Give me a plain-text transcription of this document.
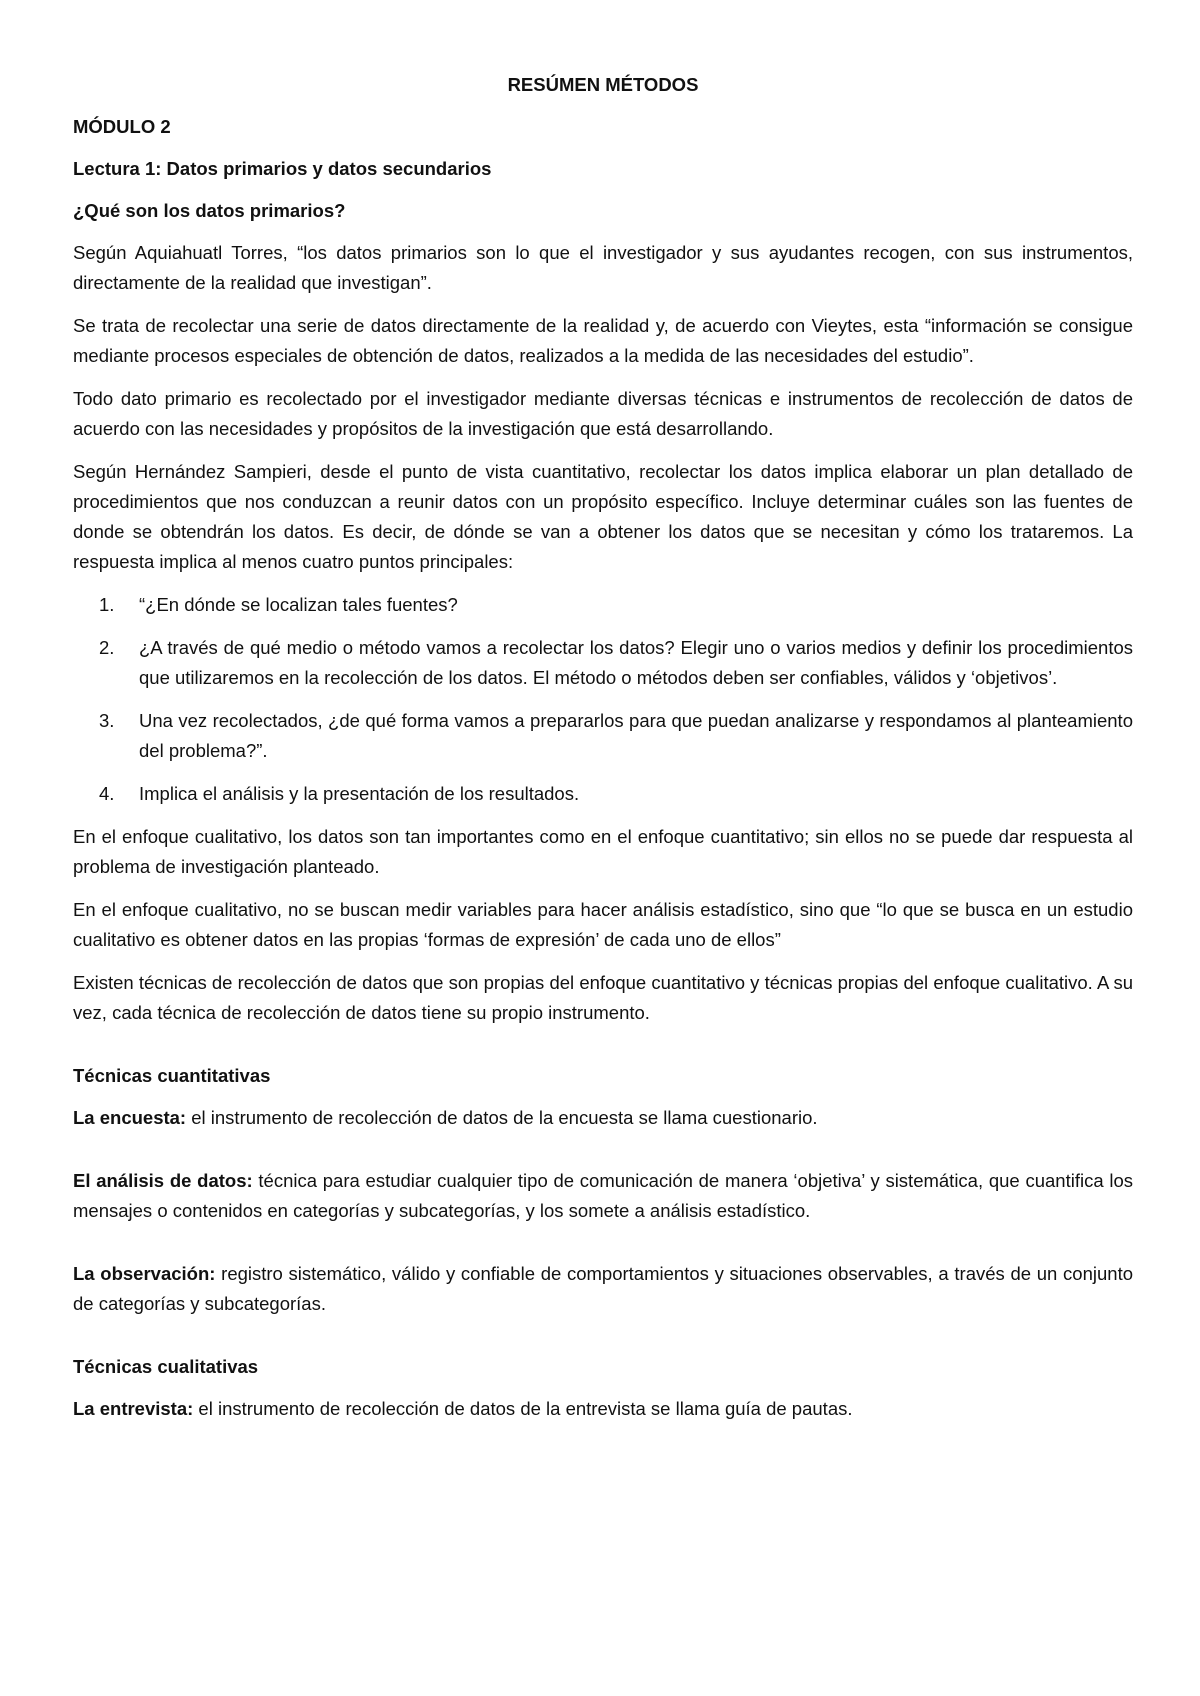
RESÚMEN MÉTODOS
MÓDULO 2
Lectura 1: Datos primarios y datos secundarios
¿Qué son los datos primarios?

Según Aquiahuatl Torres, “los datos primarios son lo que el investigador y sus ayudantes recogen, con sus instrumentos, directamente de la realidad que investigan”.

Se trata de recolectar una serie de datos directamente de la realidad y, de acuerdo con Vieytes, esta “información se consigue mediante procesos especiales de obtención de datos, realizados a la medida de las necesidades del estudio”.

Todo dato primario es recolectado por el investigador mediante diversas técnicas e instrumentos de recolección de datos de acuerdo con las necesidades y propósitos de la investigación que está desarrollando.

Según Hernández Sampieri, desde el punto de vista cuantitativo, recolectar los datos implica elaborar un plan detallado de procedimientos que nos conduzcan a reunir datos con un propósito específico. Incluye determinar cuáles son las fuentes de donde se obtendrán los datos. Es decir, de dónde se van a obtener los datos que se necesitan y cómo los trataremos. La respuesta implica al menos cuatro puntos principales:

1. “¿En dónde se localizan tales fuentes?
2. ¿A través de qué medio o método vamos a recolectar los datos? Elegir uno o varios medios y definir los procedimientos que utilizaremos en la recolección de los datos. El método o métodos deben ser confiables, válidos y ‘objetivos’.
3. Una vez recolectados, ¿de qué forma vamos a prepararlos para que puedan analizarse y respondamos al planteamiento del problema?”.
4. Implica el análisis y la presentación de los resultados.

En el enfoque cualitativo, los datos son tan importantes como en el enfoque cuantitativo; sin ellos no se puede dar respuesta al problema de investigación planteado.

En el enfoque cualitativo, no se buscan medir variables para hacer análisis estadístico, sino que “lo que se busca en un estudio cualitativo es obtener datos en las propias ‘formas de expresión’ de cada uno de ellos”

Existen técnicas de recolección de datos que son propias del enfoque cuantitativo y técnicas propias del enfoque cualitativo. A su vez, cada técnica de recolección de datos tiene su propio instrumento.

Técnicas cuantitativas

La encuesta: el instrumento de recolección de datos de la encuesta se llama cuestionario.

El análisis de datos: técnica para estudiar cualquier tipo de comunicación de manera ‘objetiva’ y sistemática, que cuantifica los mensajes o contenidos en categorías y subcategorías, y los somete a análisis estadístico.

La observación: registro sistemático, válido y confiable de comportamientos y situaciones observables, a través de un conjunto de categorías y subcategorías.

Técnicas cualitativas

La entrevista: el instrumento de recolección de datos de la entrevista se llama guía de pautas.
